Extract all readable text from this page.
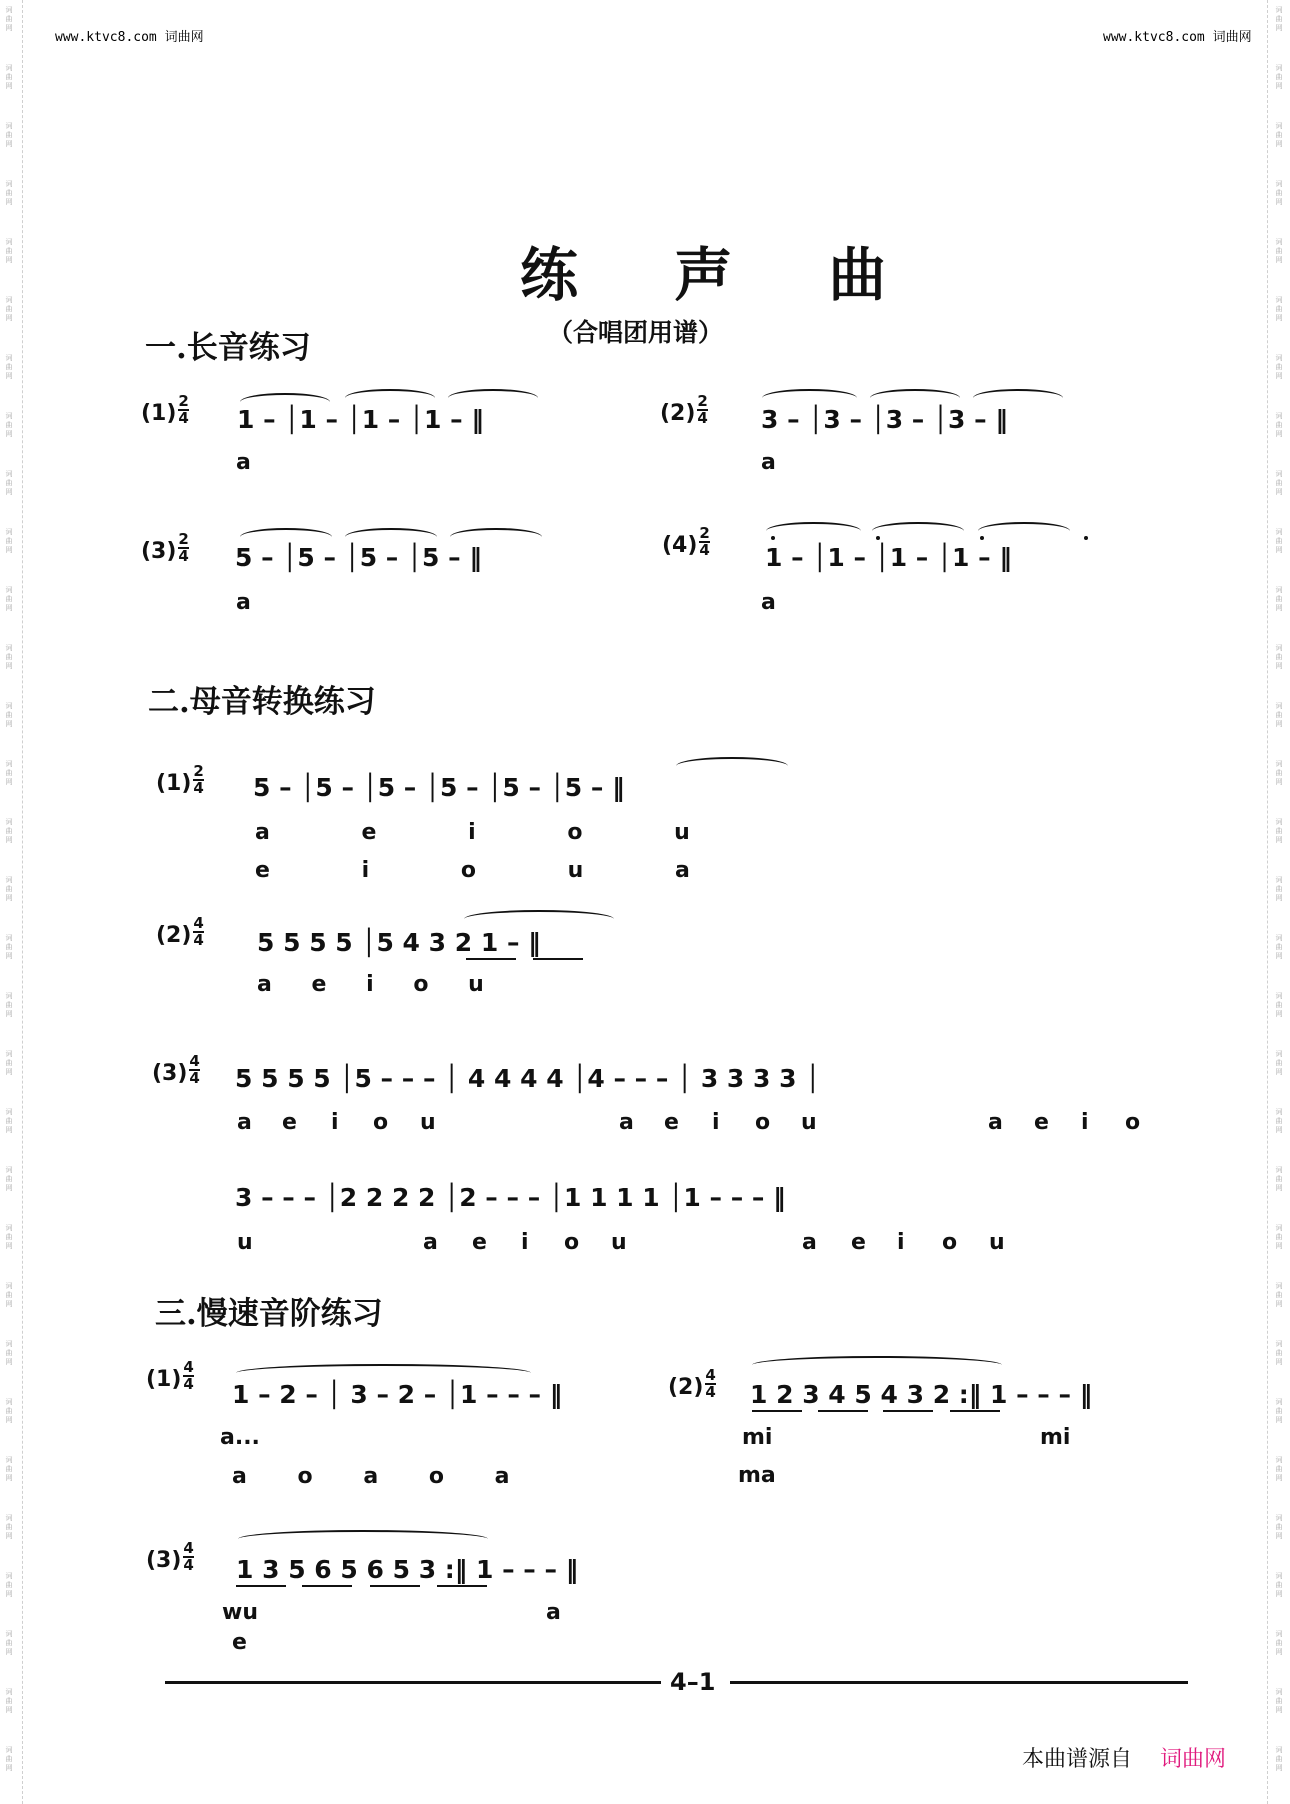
词
曲
网
词
曲
网
词
曲
网
词
曲
网
词
曲
网
词
曲
网
词
曲
网
词
曲
网
词
曲
网
词
曲
网
词
曲
网
词
曲
网
词
曲
网
词
曲
网
词
曲
网
词
曲
网
词
曲
网
词
曲
网
词
曲
网
词
曲
网
词
曲
网
词
曲
网
词
曲
网
词
曲
网
词
曲
网
词
曲
网
词
曲
网
词
曲
网
词
曲
网
词
曲
网
词
曲
网
词
曲
网
词
曲
网
词
曲
网
词
曲
网
词
曲
网
词
曲
网
词
曲
网
词
曲
网
词
曲
网
词
曲
网
词
曲
网
词
曲
网
词
曲
网
词
曲
网
词
曲
网
词
曲
网
词
曲
网
词
曲
网
词
曲
网
词
曲
网
词
曲
网
词
曲
网
词
曲
网
词
曲
网
词
曲
网
词
曲
网
词
曲
网
词
曲
网
词
曲
网
词
曲
网
词
曲
网
www.ktvc8.com 词曲网	www.ktvc8.com 词曲网
练 声 曲
（合唱团用谱）
一.长音练习
$(1) \frac{2}{4} 1$ – │1 – │1 – │1 – ‖
a
$(2) \frac{2}{4} 3$ – │3 – │3 – │3 – ‖
a
$(3) \frac{2}{4} 5$ – │5 – │5 – │5 – ‖
a
$(4) \frac{2}{4} 1$ – │1 – │1 – │1 – ‖
a
二.母音转换练习
$(1) \frac{2}{4} 5$ – │5 – │5 – │5 – │5 – │5 – ‖
a	e	i	o	u
e	i	o	u	a
$(2) \frac{4}{4} 5$ 5 5 5 │5 4 3 2 1 – ‖
a e i o u
$(3) \frac{4}{4} 5$ 5 5 5 │5 – – – │ 4 4 4 4 │4 – – – │ 3 3 3 3 │
a e i o u	a e i o u	a e i o
3 – – – │2 2 2 2 │2 – – – │1 1 1 1 │1 – – – ‖
u	a e i o u	a e i o u
三.慢速音阶练习
$(1) \frac{4}{4}$
1 – 2 – │ 3 – 2 – │1 – – – ‖
a...
a o a o a
$(2) \frac{4}{4} 1$ 2 3 4 5 4 3 2 :‖ 1 – – – ‖
mi	mi
ma
$(3) \frac{4}{4} 1$ 3 5 6 5 6 5 3 :‖ 1 – – – ‖
wu	a
e
4–1
本曲谱源自 词曲网
